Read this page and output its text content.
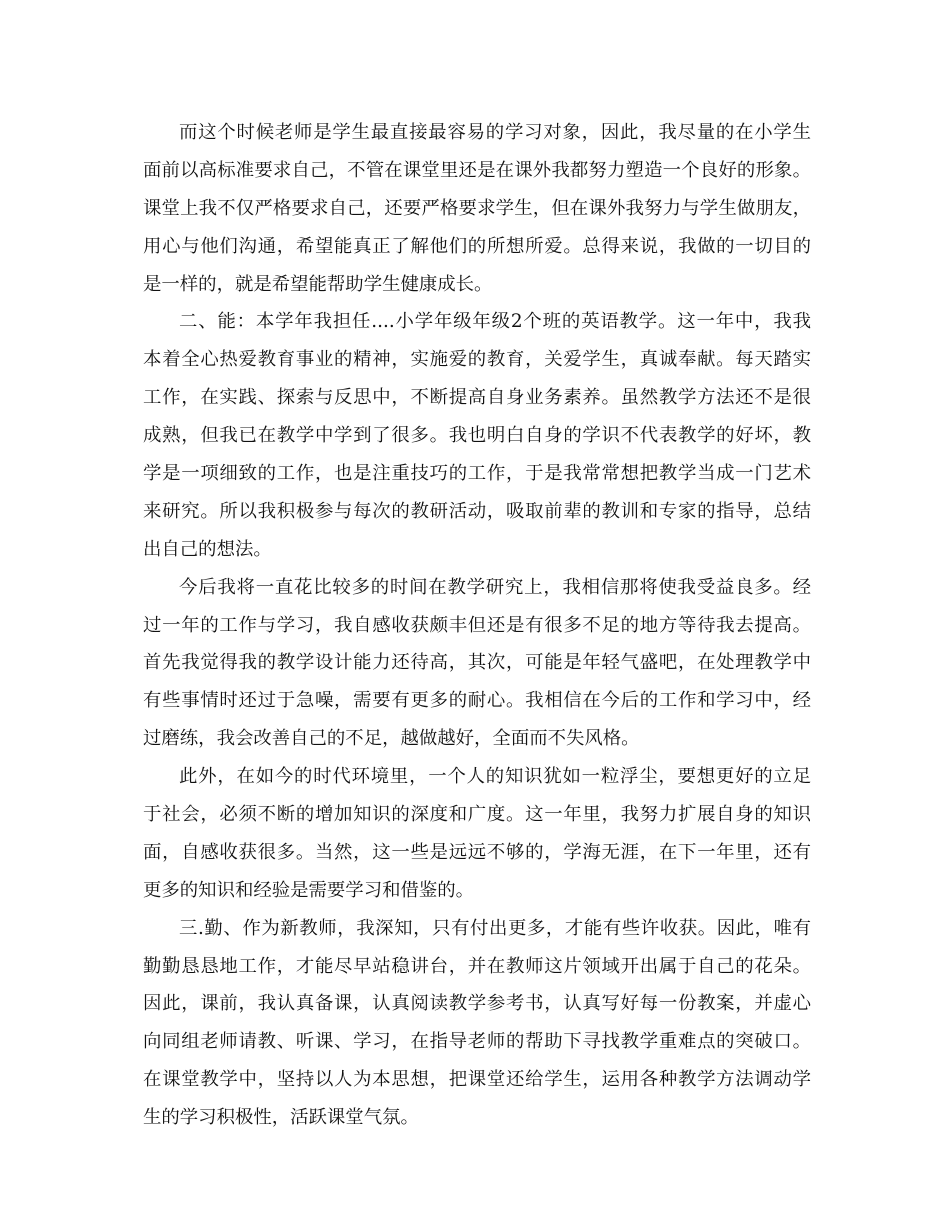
而这个时候老师是学生最直接最容易的学习对象，因此，我尽量的在小学生
面前以高标准要求自己，不管在课堂里还是在课外我都努力塑造一个良好的形象。
课堂上我不仅严格要求自己，还要严格要求学生，但在课外我努力与学生做朋友，
用心与他们沟通，希望能真正了解他们的所想所爱。总得来说，我做的一切目的
是一样的，就是希望能帮助学生健康成长。
二、能：本学年我担任....小学年级年级2个班的英语教学。这一年中，我我
本着全心热爱教育事业的精神，实施爱的教育，关爱学生，真诚奉献。每天踏实
工作，在实践、探索与反思中，不断提高自身业务素养。虽然教学方法还不是很
成熟，但我已在教学中学到了很多。我也明白自身的学识不代表教学的好坏，教
学是一项细致的工作，也是注重技巧的工作，于是我常常想把教学当成一门艺术
来研究。所以我积极参与每次的教研活动，吸取前辈的教训和专家的指导，总结
出自己的想法。
今后我将一直花比较多的时间在教学研究上，我相信那将使我受益良多。经
过一年的工作与学习，我自感收获颇丰但还是有很多不足的地方等待我去提高。
首先我觉得我的教学设计能力还待高，其次，可能是年轻气盛吧，在处理教学中
有些事情时还过于急噪，需要有更多的耐心。我相信在今后的工作和学习中，经
过磨练，我会改善自己的不足，越做越好，全面而不失风格。
此外，在如今的时代环境里，一个人的知识犹如一粒浮尘，要想更好的立足
于社会，必须不断的增加知识的深度和广度。这一年里，我努力扩展自身的知识
面，自感收获很多。当然，这一些是远远不够的，学海无涯，在下一年里，还有
更多的知识和经验是需要学习和借鉴的。
三.勤、作为新教师，我深知，只有付出更多，才能有些许收获。因此，唯有
勤勤恳恳地工作，才能尽早站稳讲台，并在教师这片领域开出属于自己的花朵。
因此，课前，我认真备课，认真阅读教学参考书，认真写好每一份教案，并虚心
向同组老师请教、听课、学习，在指导老师的帮助下寻找教学重难点的突破口。
在课堂教学中，坚持以人为本思想，把课堂还给学生，运用各种教学方法调动学
生的学习积极性，活跃课堂气氛。
